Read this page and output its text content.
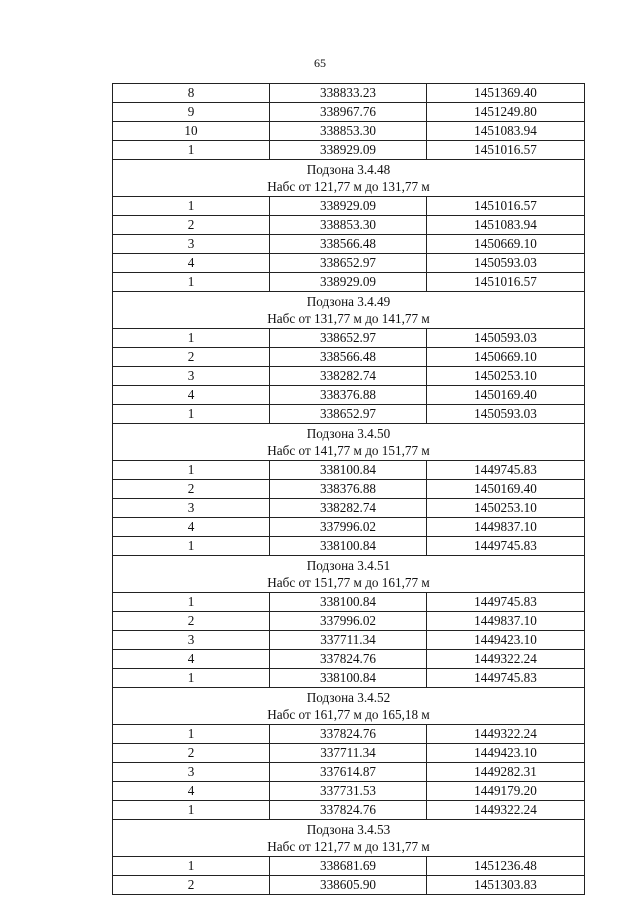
65
8	338833.23	1451369.40
9	338967.76	1451249.80
10	338853.30	1451083.94
1	338929.09	1451016.57

Подзона 3.4.48
Набс от 121,77 м до 131,77 м		

1	338929.09	1451016.57
2	338853.30	1451083.94
3	338566.48	1450669.10
4	338652.97	1450593.03
1	338929.09	1451016.57

Подзона 3.4.49
Набс от 131,77 м до 141,77 м		

1	338652.97	1450593.03
2	338566.48	1450669.10
3	338282.74	1450253.10
4	338376.88	1450169.40
1	338652.97	1450593.03

Подзона 3.4.50
Набс от 141,77 м до 151,77 м		

1	338100.84	1449745.83
2	338376.88	1450169.40
3	338282.74	1450253.10
4	337996.02	1449837.10
1	338100.84	1449745.83

Подзона 3.4.51
Набс от 151,77 м до 161,77 м		

1	338100.84	1449745.83
2	337996.02	1449837.10
3	337711.34	1449423.10
4	337824.76	1449322.24
1	338100.84	1449745.83

Подзона 3.4.52
Набс от 161,77 м до 165,18 м		

1	337824.76	1449322.24
2	337711.34	1449423.10
3	337614.87	1449282.31
4	337731.53	1449179.20
1	337824.76	1449322.24

Подзона 3.4.53
Набс от 121,77 м до 131,77 м		

1	338681.69	1451236.48
2	338605.90	1451303.83
